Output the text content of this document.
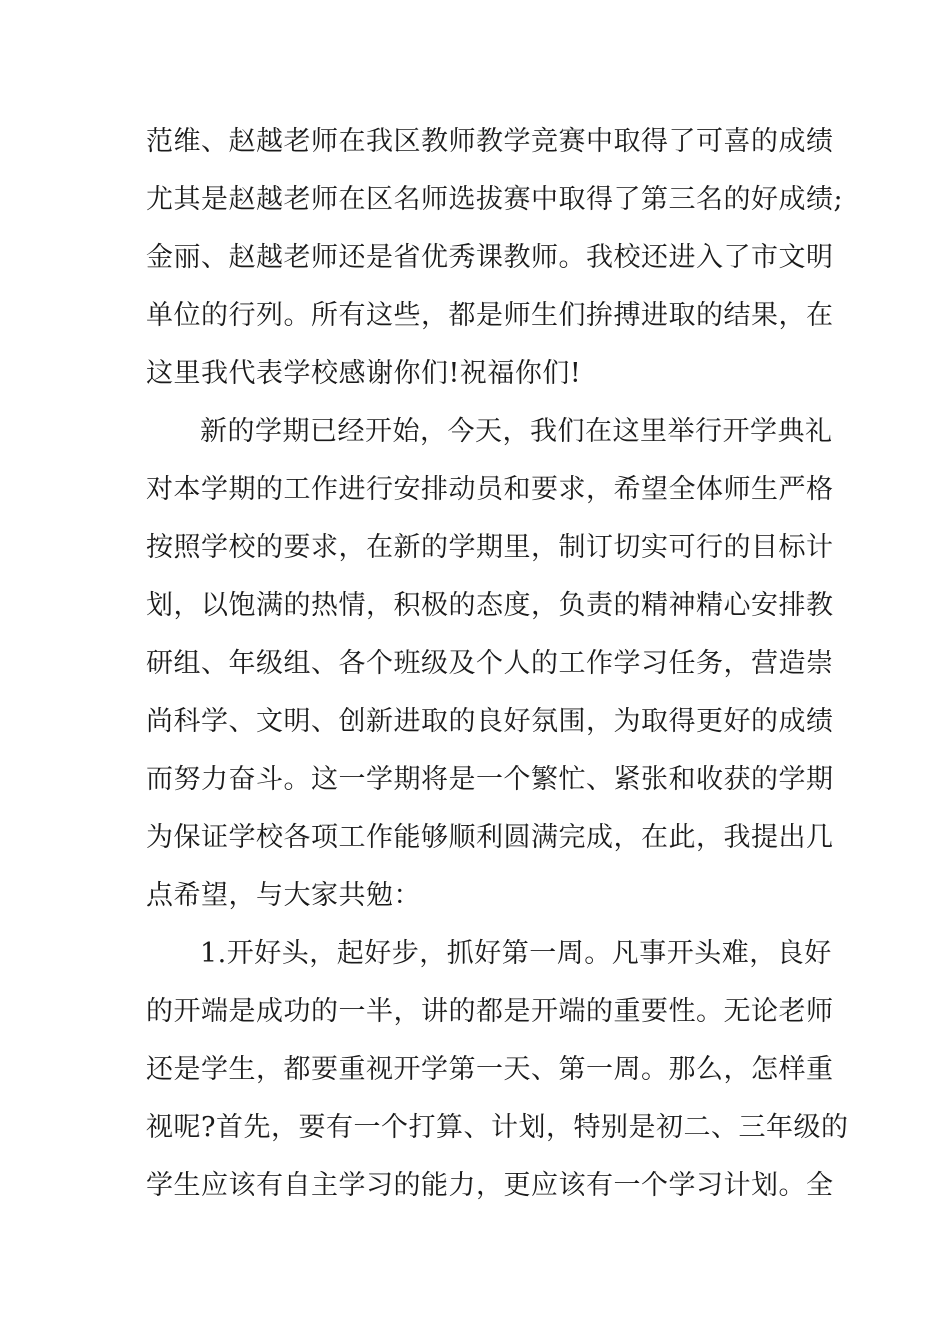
范维、赵越老师在我区教师教学竞赛中取得了可喜的成绩
尤其是赵越老师在区名师选拔赛中取得了第三名的好成绩;
金丽、赵越老师还是省优秀课教师。我校还进入了市文明
单位的行列。所有这些，都是师生们拚搏进取的结果，在
这里我代表学校感谢你们!祝福你们!
新的学期已经开始，今天，我们在这里举行开学典礼
对本学期的工作进行安排动员和要求，希望全体师生严格
按照学校的要求，在新的学期里，制订切实可行的目标计
划，以饱满的热情，积极的态度，负责的精神精心安排教
研组、年级组、各个班级及个人的工作学习任务，营造崇
尚科学、文明、创新进取的良好氛围，为取得更好的成绩
而努力奋斗。这一学期将是一个繁忙、紧张和收获的学期
为保证学校各项工作能够顺利圆满完成，在此，我提出几
点希望，与大家共勉：
1.开好头，起好步，抓好第一周。凡事开头难，良好
的开端是成功的一半，讲的都是开端的重要性。无论老师
还是学生，都要重视开学第一天、第一周。那么，怎样重
视呢?首先，要有一个打算、计划，特别是初二、三年级的
学生应该有自主学习的能力，更应该有一个学习计划。全
